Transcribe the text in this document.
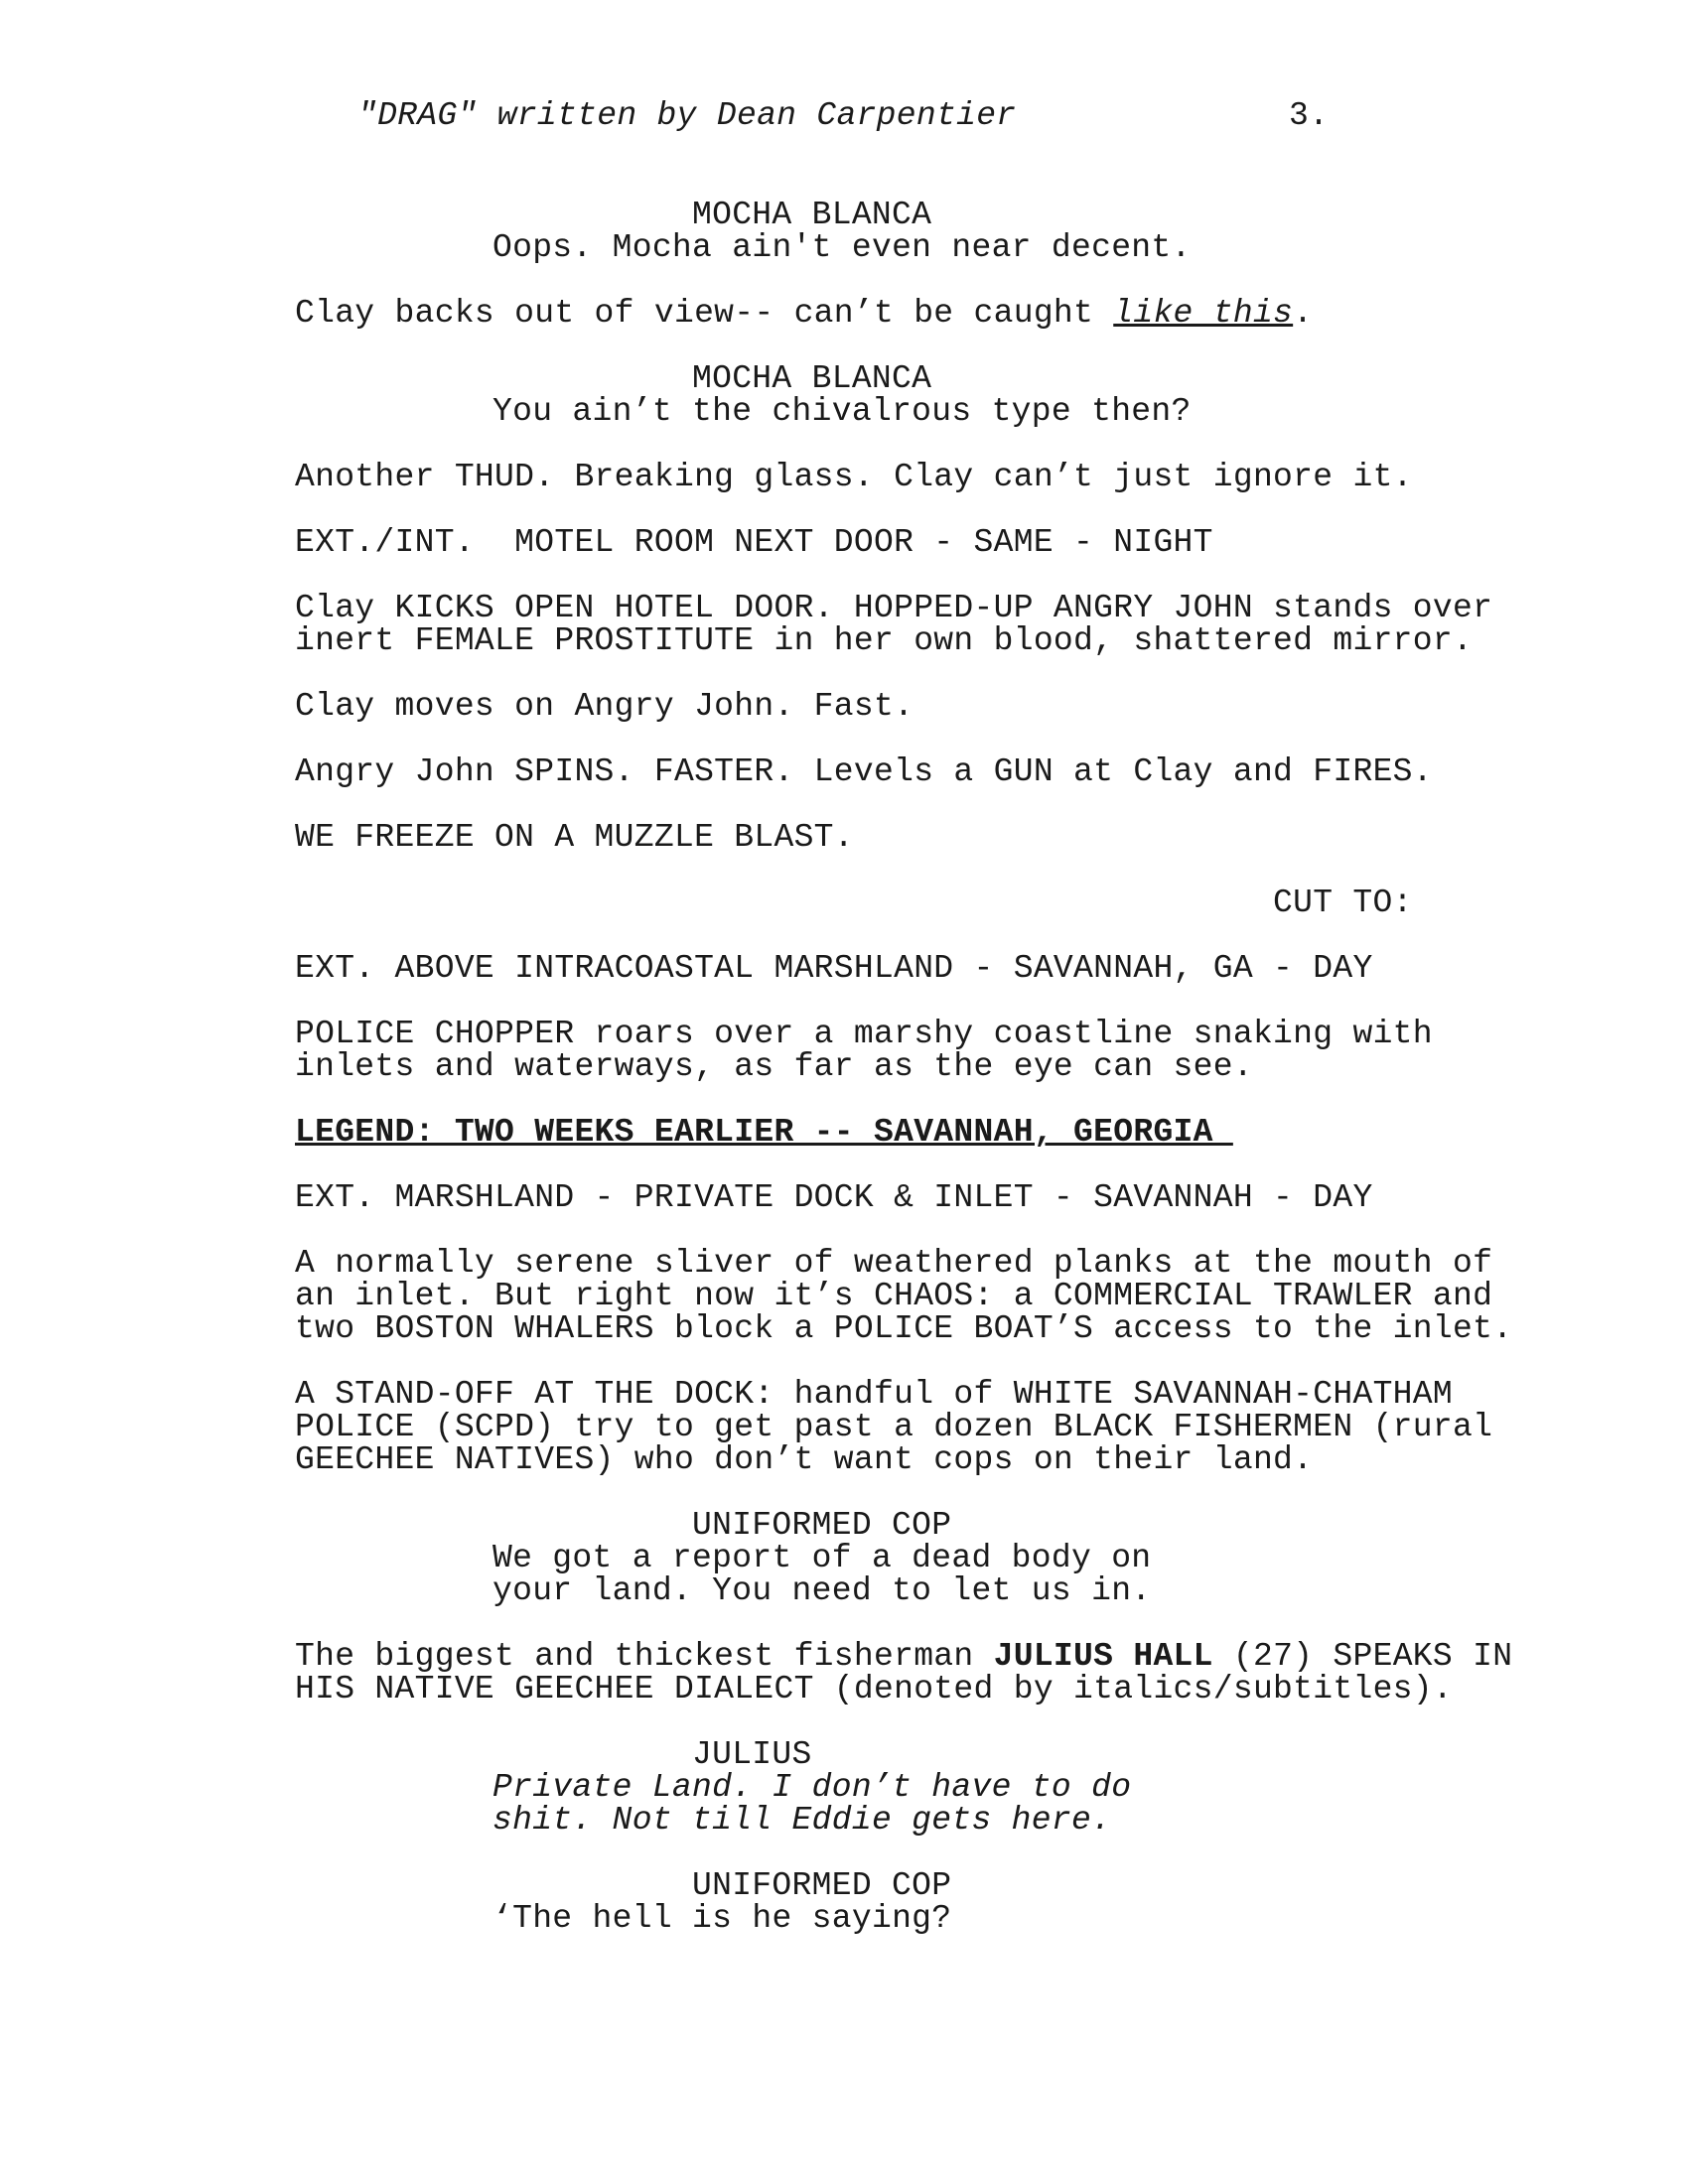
"DRAG" written by Dean Carpentier	3.
MOCHA BLANCA
Oops. Mocha ain't even near decent.
Clay backs out of view-- can’t be caught like this.
MOCHA BLANCA
You ain’t the chivalrous type then?
Another THUD. Breaking glass. Clay can’t just ignore it.
EXT./INT.  MOTEL ROOM NEXT DOOR - SAME - NIGHT
Clay KICKS OPEN HOTEL DOOR. HOPPED-UP ANGRY JOHN stands over
inert FEMALE PROSTITUTE in her own blood, shattered mirror.
Clay moves on Angry John. Fast.
Angry John SPINS. FASTER. Levels a GUN at Clay and FIRES.
WE FREEZE ON A MUZZLE BLAST.
CUT TO:
EXT. ABOVE INTRACOASTAL MARSHLAND - SAVANNAH, GA - DAY
POLICE CHOPPER roars over a marshy coastline snaking with
inlets and waterways, as far as the eye can see.
LEGEND: TWO WEEKS EARLIER -- SAVANNAH, GEORGIA
EXT. MARSHLAND - PRIVATE DOCK & INLET - SAVANNAH - DAY
A normally serene sliver of weathered planks at the mouth of
an inlet. But right now it’s CHAOS: a COMMERCIAL TRAWLER and
two BOSTON WHALERS block a POLICE BOAT’S access to the inlet.
A STAND-OFF AT THE DOCK: handful of WHITE SAVANNAH-CHATHAM
POLICE (SCPD) try to get past a dozen BLACK FISHERMEN (rural
GEECHEE NATIVES) who don’t want cops on their land.
UNIFORMED COP
We got a report of a dead body on
your land. You need to let us in.
The biggest and thickest fisherman JULIUS HALL (27) SPEAKS IN
HIS NATIVE GEECHEE DIALECT (denoted by italics/subtitles).
JULIUS
Private Land. I don’t have to do
shit. Not till Eddie gets here.
UNIFORMED COP
‘The hell is he saying?
